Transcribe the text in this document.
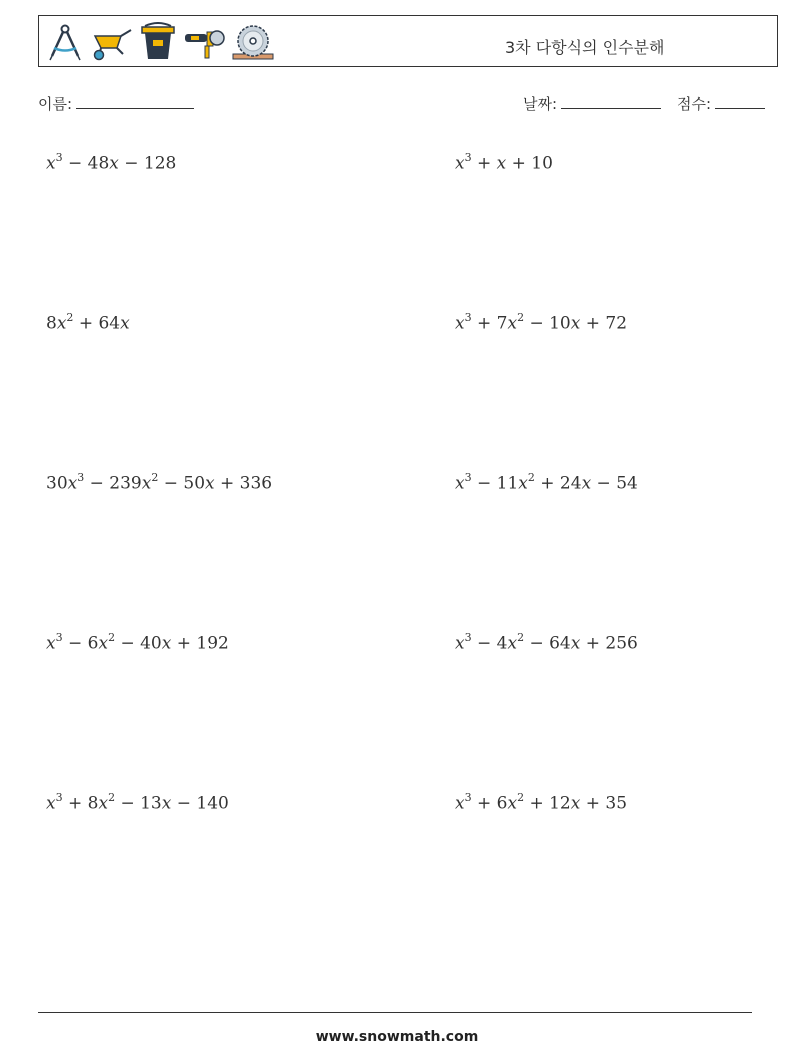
3차 다항식의 인수분해
이름:	날짜:	점수:
$x^3 - 48x - 128$	$x^3 + x + 10$
$8x^2 + 64x$	$x^3 + 7x^2 - 10x + 72$
$30x^3 - 239x^2 - 50x + 336$	$x^3 - 11x^2 + 24x - 54$
$x^3 - 6x^2 - 40x + 192$	$x^3 - 4x^2 - 64x + 256$
$x^3 + 8x^2 - 13x - 140$	$x^3 + 6x^2 + 12x + 35$
www.snowmath.com
